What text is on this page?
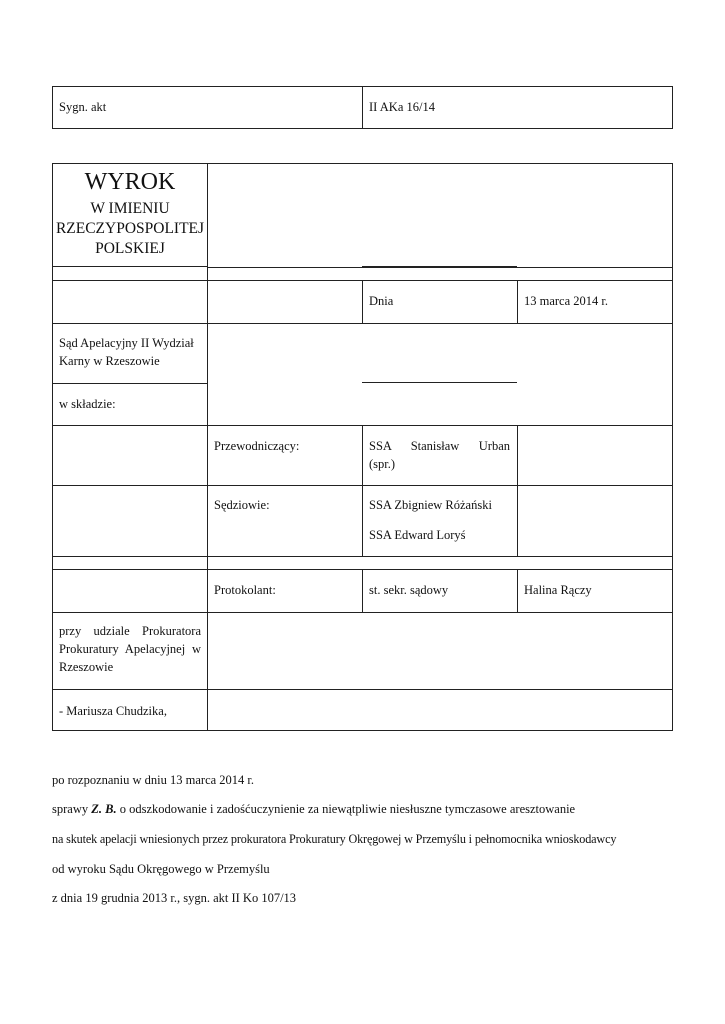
Sygn. akt	II AKa 16/14
WYROK
W IMIENIU
RZECZYPOSPOLITEJ
POLSKIEJ
Dnia	13 marca 2014 r.
Sąd Apelacyjny II Wydział
Karny w Rzeszowie
w składzie:
Przewodniczący:	SSA Stanisław Urban
(spr.)
Sędziowie:	SSA Zbigniew Różański
SSA Edward Loryś
Protokolant:	st. sekr. sądowy	Halina Rączy
przy udziale Prokuratora
Prokuratury Apelacyjnej w
Rzeszowie
- Mariusza Chudzika,
po rozpoznaniu w dniu 13 marca 2014 r.
sprawy Z. B. o odszkodowanie i zadośćuczynienie za niewątpliwie niesłuszne tymczasowe aresztowanie
na skutek apelacji wniesionych przez prokuratora Prokuratury Okręgowej w Przemyślu i pełnomocnika wnioskodawcy
od wyroku Sądu Okręgowego w Przemyślu
z dnia 19 grudnia 2013 r., sygn. akt II Ko 107/13
